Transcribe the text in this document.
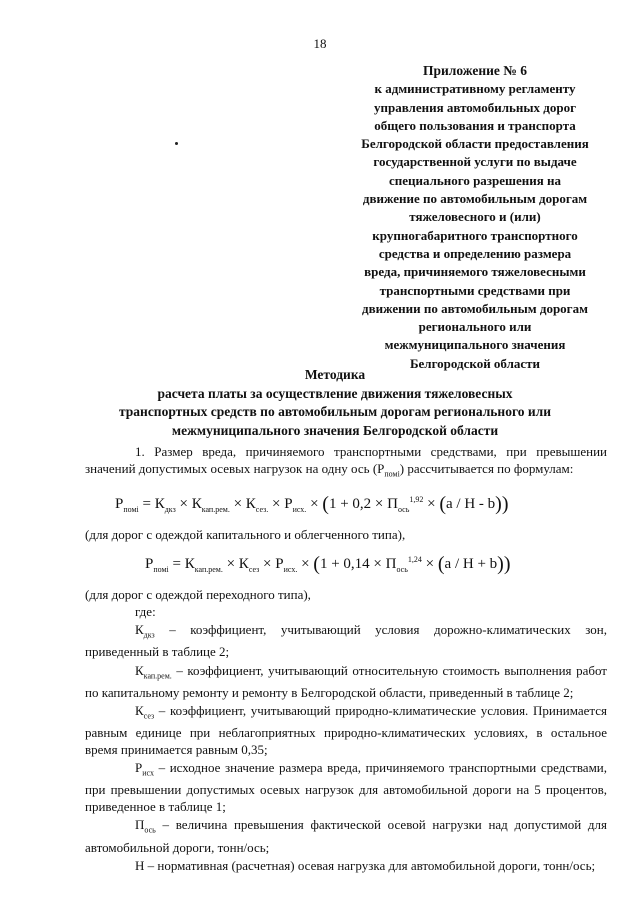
18
Приложение № 6
к административному регламенту
управления автомобильных дорог
общего пользования и транспорта
Белгородской области предоставления
государственной услуги по выдаче
специального разрешения на
движение по автомобильным дорогам
тяжеловесного и (или)
крупногабаритного транспортного
средства и определению размера
вреда, причиняемого тяжеловесными
транспортными средствами при
движении по автомобильным дорогам
регионального или
межмуниципального значения
Белгородской области
Методика
расчета платы за осуществление движения тяжеловесных
транспортных средств по автомобильным дорогам регионального или
межмуниципального значения Белгородской области

1. Размер вреда, причиняемого транспортными средствами, при превышении значений допустимых осевых нагрузок на одну ось $(Р_{помi})$ рассчитывается по формулам:

$Р_{помi} = К_{дкз} \times К_{кап.рем.} \times К_{сез.} \times Р_{исх.} \times (1 + 0,2 \times П_{ось}^{1,92} \times (a / H - b))$

(для дорог с одеждой капитального и облегченного типа),

$Р_{помi} = К_{кап.рем.} \times К_{сез} \times Р_{исх.} \times (1 + 0,14 \times П_{ось}^{1,24} \times (a / H + b))$

(для дорог с одеждой переходного типа),

где:

$К_{дкз}$ – коэффициент, учитывающий условия дорожно-климатических зон, приведенный в таблице 2;

$К_{кап.рем.}$ – коэффициент, учитывающий относительную стоимость выполнения работ по капитальному ремонту и ремонту в Белгородской области, приведенный в таблице 2;

$К_{сез}$ – коэффициент, учитывающий природно-климатические условия. Принимается равным единице при неблагоприятных природно-климатических условиях, в остальное время принимается равным 0,35;

$Р_{исх}$ – исходное значение размера вреда, причиняемого транспортными средствами, при превышении допустимых осевых нагрузок для автомобильной дороги на 5 процентов, приведенное в таблице 1;

$П_{ось}$ – величина превышения фактической осевой нагрузки над допустимой для автомобильной дороги, тонн/ось;

Н – нормативная (расчетная) осевая нагрузка для автомобильной дороги, тонн/ось;
